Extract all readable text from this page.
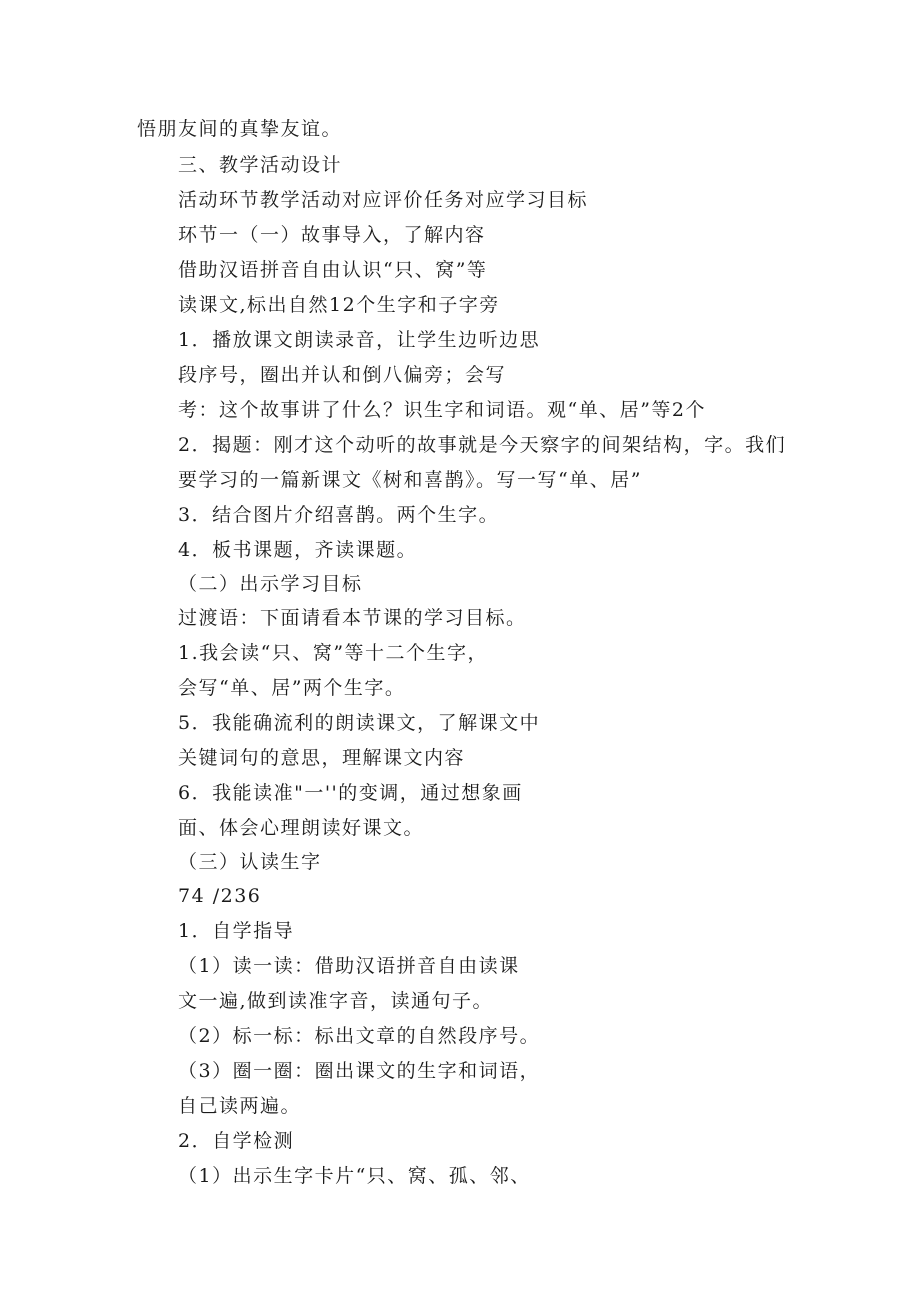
悟朋友间的真挚友谊。
三、教学活动设计
活动环节教学活动对应评价任务对应学习目标
环节一（一）故事导入，了解内容
借助汉语拼音自由认识“只、窝”等
读课文,标出自然12个生字和子字旁
1．播放课文朗读录音，让学生边听边思
段序号，圈出并认和倒八偏旁；会写
考：这个故事讲了什么？识生字和词语。观“单、居”等2个
2．揭题：刚才这个动听的故事就是今天察字的间架结构，字。我们
要学习的一篇新课文《树和喜鹊》。写一写“单、居”
3．结合图片介绍喜鹊。两个生字。
4．板书课题，齐读课题。
（二）出示学习目标
过渡语：下面请看本节课的学习目标。
1.我会读“只、窝”等十二个生字，
会写“单、居”两个生字。
5．我能确流利的朗读课文，了解课文中
关键词句的意思，理解课文内容
6．我能读准"一''的变调，通过想象画
面、体会心理朗读好课文。
（三）认读生字
74 /236
1．自学指导
（1）读一读：借助汉语拼音自由读课
文一遍,做到读准字音，读通句子。
（2）标一标：标出文章的自然段序号。
（3）圈一圈：圈出课文的生字和词语，
自己读两遍。
2．自学检测
（1）出示生字卡片“只、窝、孤、邻、
